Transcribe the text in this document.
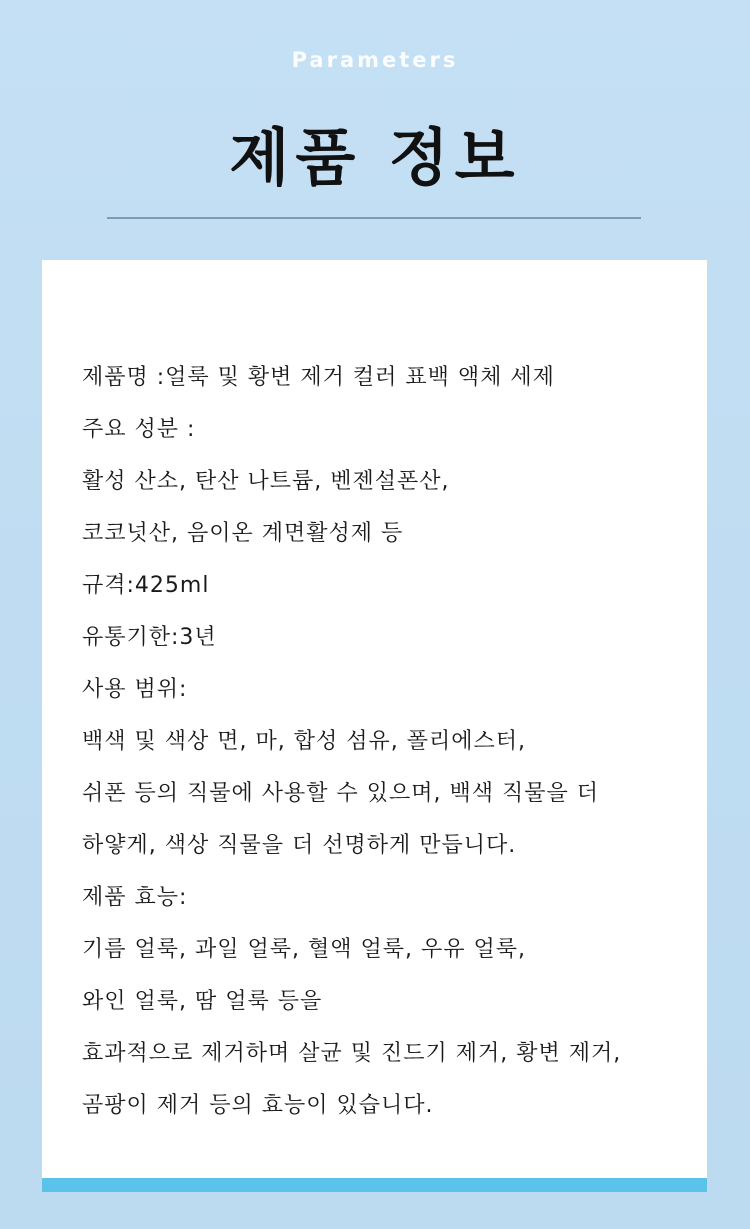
Parameters
제품 정보
제품명 :얼룩 및 황변 제거 컬러 표백 액체 세제
주요 성분 :
활성 산소, 탄산 나트륨, 벤젠설폰산,
코코넛산, 음이온 계면활성제 등
규격:425ml
유통기한:3년
사용 범위:
백색 및 색상 면, 마, 합성 섬유, 폴리에스터,
쉬폰 등의 직물에 사용할 수 있으며, 백색 직물을 더
하얗게, 색상 직물을 더 선명하게 만듭니다.
제품 효능:
기름 얼룩, 과일 얼룩, 혈액 얼룩, 우유 얼룩,
와인 얼룩, 땀 얼룩 등을
효과적으로 제거하며 살균 및 진드기 제거, 황변 제거,
곰팡이 제거 등의 효능이 있습니다.
